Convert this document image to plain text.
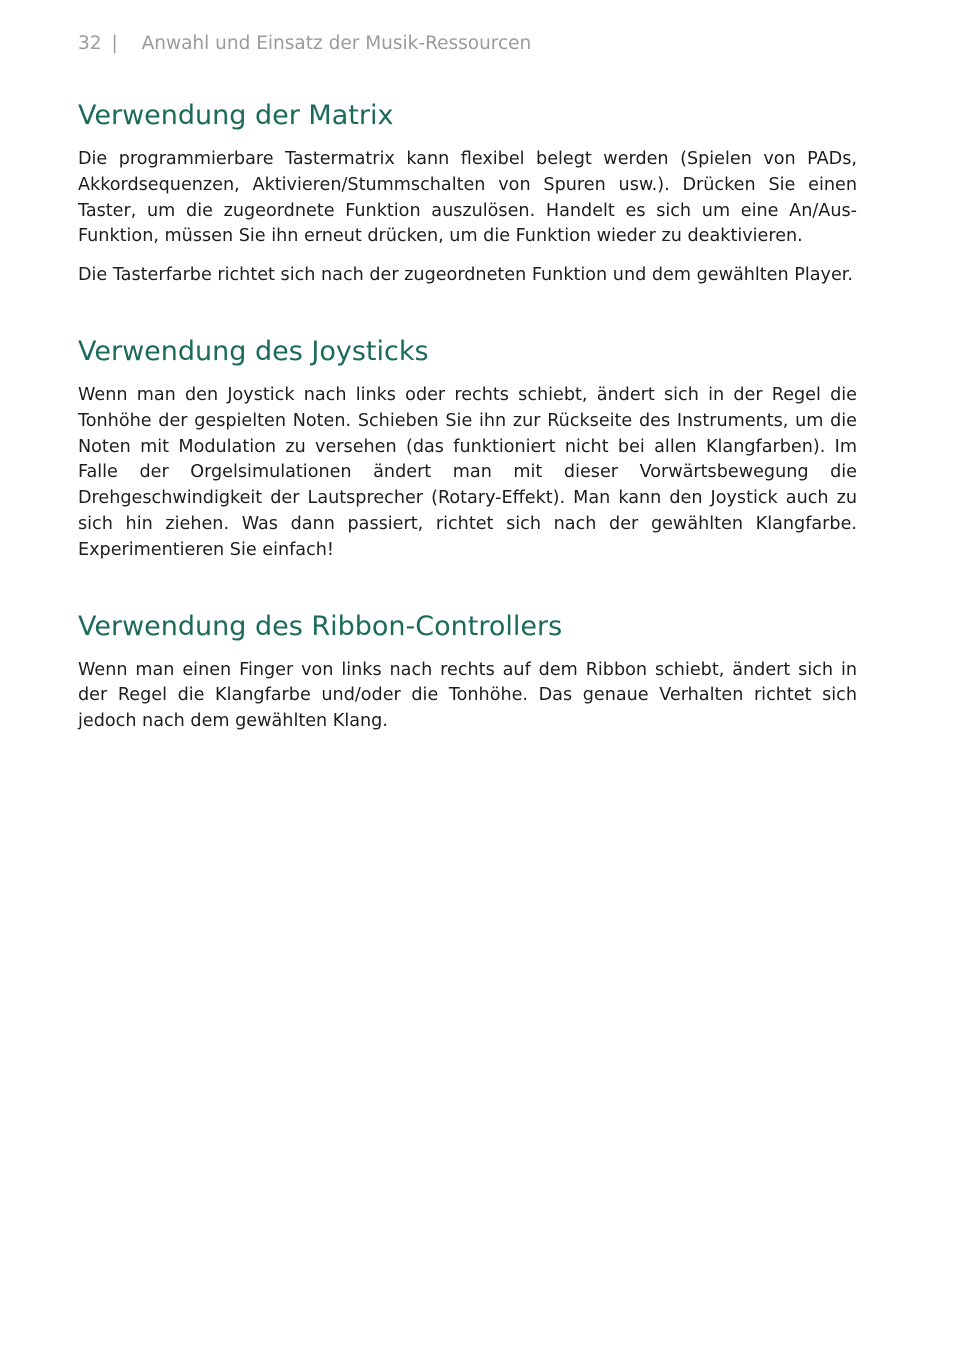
32 | Anwahl und Einsatz der Musik-Ressourcen
Verwendung der Matrix

Die programmierbare Tastermatrix kann flexibel belegt werden (Spielen von PADs, Akkordsequenzen, Aktivieren/Stummschalten von Spuren usw.). Drücken Sie einen Taster, um die zugeordnete Funktion auszulösen. Handelt es sich um eine An/Aus-Funktion, müssen Sie ihn erneut drücken, um die Funktion wieder zu deaktivieren.

Die Tasterfarbe richtet sich nach der zugeordneten Funktion und dem gewählten Player.

Verwendung des Joysticks

Wenn man den Joystick nach links oder rechts schiebt, ändert sich in der Regel die Tonhöhe der gespielten Noten. Schieben Sie ihn zur Rückseite des Instruments, um die Noten mit Modulation zu versehen (das funktioniert nicht bei allen Klangfarben). Im Falle der Orgelsimulationen ändert man mit dieser Vorwärtsbewegung die Drehgeschwindigkeit der Lautsprecher (Rotary-Effekt). Man kann den Joystick auch zu sich hin ziehen. Was dann passiert, richtet sich nach der gewählten Klangfarbe. Experimentieren Sie einfach!

Verwendung des Ribbon-Controllers

Wenn man einen Finger von links nach rechts auf dem Ribbon schiebt, ändert sich in der Regel die Klangfarbe und/oder die Tonhöhe. Das genaue Verhalten richtet sich jedoch nach dem gewählten Klang.
